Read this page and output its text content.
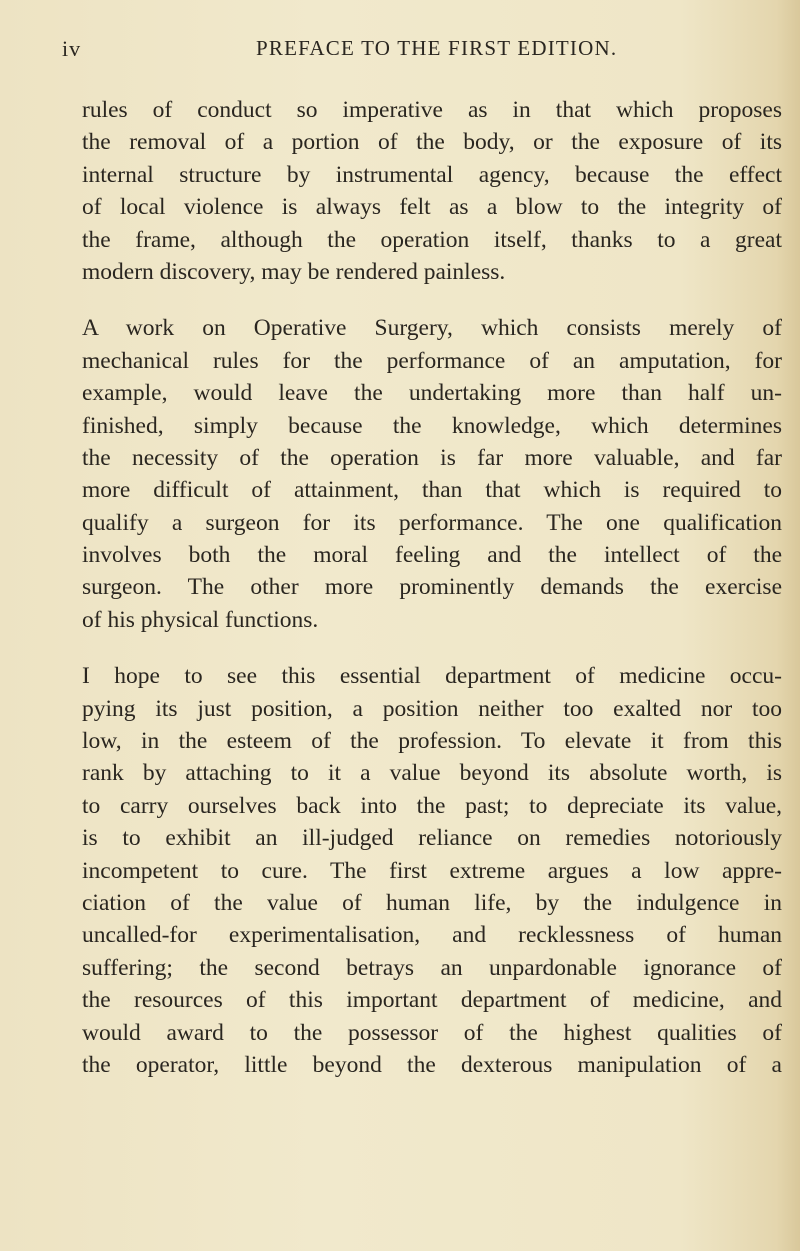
iv	PREFACE TO THE FIRST EDITION.
rules of conduct so imperative as in that which proposes
the removal of a portion of the body, or the exposure of its
internal structure by instrumental agency, because the effect
of local violence is always felt as a blow to the integrity of
the frame, although the operation itself, thanks to a great
modern discovery, may be rendered painless.
A work on Operative Surgery, which consists merely of
mechanical rules for the performance of an amputation, for
example, would leave the undertaking more than half un-
finished, simply because the knowledge, which determines
the necessity of the operation is far more valuable, and far
more difficult of attainment, than that which is required to
qualify a surgeon for its performance. The one qualification
involves both the moral feeling and the intellect of the
surgeon. The other more prominently demands the exercise
of his physical functions.
I hope to see this essential department of medicine occu-
pying its just position, a position neither too exalted nor too
low, in the esteem of the profession. To elevate it from this
rank by attaching to it a value beyond its absolute worth, is
to carry ourselves back into the past; to depreciate its value,
is to exhibit an ill-judged reliance on remedies notoriously
incompetent to cure. The first extreme argues a low appre-
ciation of the value of human life, by the indulgence in
uncalled-for experimentalisation, and recklessness of human
suffering; the second betrays an unpardonable ignorance of
the resources of this important department of medicine, and
would award to the possessor of the highest qualities of
the operator, little beyond the dexterous manipulation of a
